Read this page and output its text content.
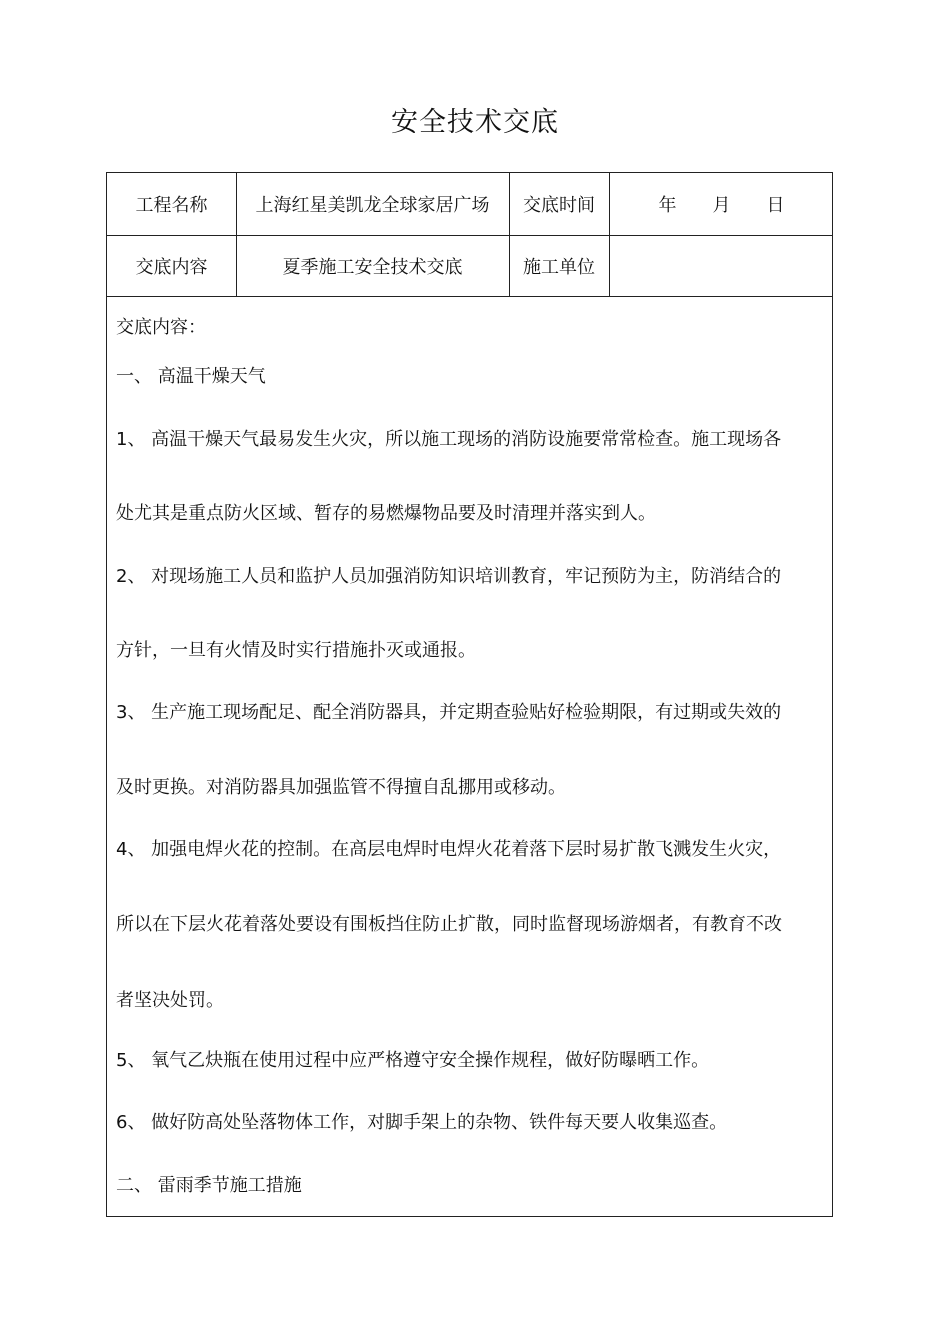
安全技术交底
工程名称	上海红星美凯龙全球家居广场	交底时间	年　　月　　日
交底内容	夏季施工安全技术交底	施工单位
交底内容：
一、 高温干燥天气
1、 高温干燥天气最易发生火灾，所以施工现场的消防设施要常常检查。施工现场各
处尤其是重点防火区域、暂存的易燃爆物品要及时清理并落实到人。
2、 对现场施工人员和监护人员加强消防知识培训教育，牢记预防为主，防消结合的
方针，一旦有火情及时实行措施扑灭或通报。
3、 生产施工现场配足、配全消防器具，并定期查验贴好检验期限，有过期或失效的
及时更换。对消防器具加强监管不得擅自乱挪用或移动。
4、 加强电焊火花的控制。在高层电焊时电焊火花着落下层时易扩散飞溅发生火灾，
所以在下层火花着落处要设有围板挡住防止扩散，同时监督现场游烟者，有教育不改
者坚决处罚。
5、 氧气乙炔瓶在使用过程中应严格遵守安全操作规程，做好防曝晒工作。
6、 做好防高处坠落物体工作，对脚手架上的杂物、铁件每天要人收集巡查。
二、 雷雨季节施工措施
